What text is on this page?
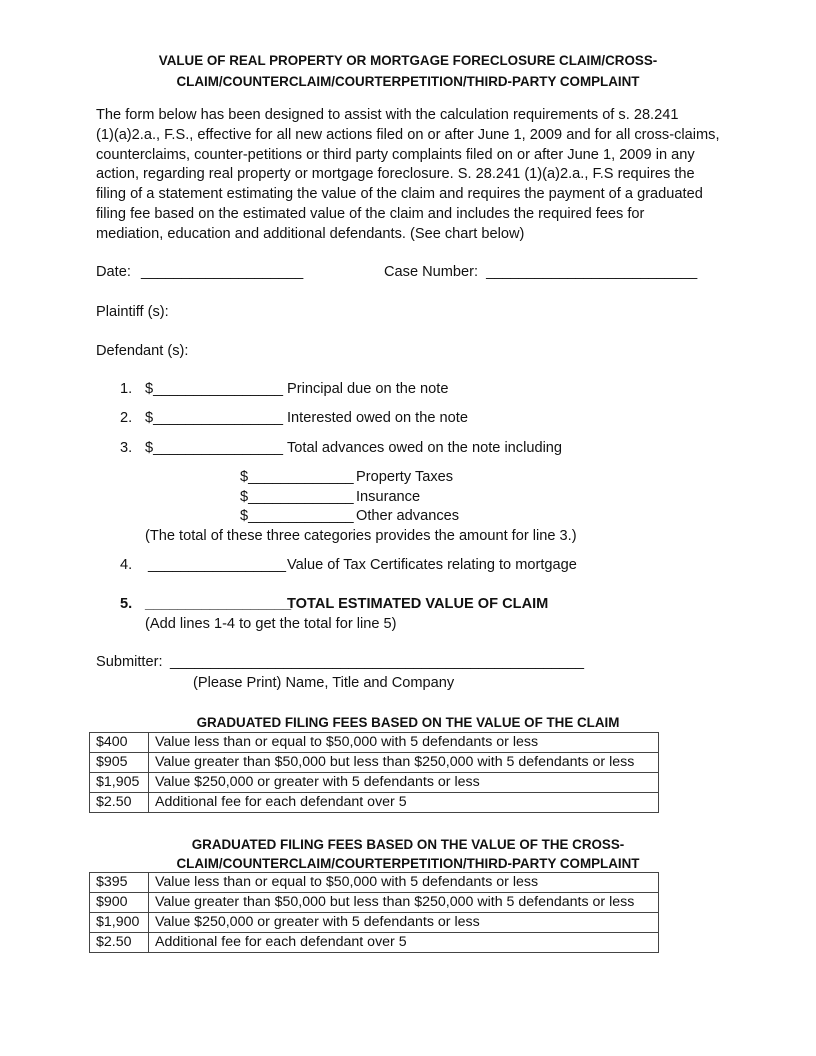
VALUE OF REAL PROPERTY OR MORTGAGE FORECLOSURE CLAIM/CROSS-
CLAIM/COUNTERCLAIM/COURTERPETITION/THIRD-PARTY COMPLAINT
The form below has been designed to assist with the calculation requirements of s. 28.241
(1)(a)2.a., F.S., effective for all new actions filed on or after June 1, 2009 and for all cross-claims,
counterclaims, counter-petitions or third party complaints filed on or after June 1, 2009 in any
action, regarding real property or mortgage foreclosure. S. 28.241 (1)(a)2.a., F.S requires the
filing of a statement estimating the value of the claim and requires the payment of a graduated
filing fee based on the estimated value of the claim and includes the required fees for
mediation, education and additional defendants. (See chart below)
Date: ____________________	Case Number: __________________________
Plaintiff (s):
Defendant (s):
1. $________________ Principal due on the note
2. $________________ Interested owed on the note
3. $________________ Total advances owed on the note including
$_____________ Property Taxes
$_____________ Insurance
$_____________ Other advances
(The total of these three categories provides the amount for line 3.)
4. _________________ Value of Tax Certificates relating to mortgage
5. __________________
TOTAL ESTIMATED VALUE OF CLAIM
(Add lines 1-4 to get the total for line 5)
Submitter: ___________________________________________________
(Please Print) Name, Title and Company
GRADUATED FILING FEES BASED ON THE VALUE OF THE CLAIM
$400	Value less than or equal to $50,000 with 5 defendants or less
$905	Value greater than $50,000 but less than $250,000 with 5 defendants or less
$1,905	Value $250,000 or greater with 5 defendants or less
$2.50	Additional fee for each defendant over 5
GRADUATED FILING FEES BASED ON THE VALUE OF THE CROSS-
CLAIM/COUNTERCLAIM/COURTERPETITION/THIRD-PARTY COMPLAINT
$395	Value less than or equal to $50,000 with 5 defendants or less
$900	Value greater than $50,000 but less than $250,000 with 5 defendants or less
$1,900	Value $250,000 or greater with 5 defendants or less
$2.50	Additional fee for each defendant over 5
